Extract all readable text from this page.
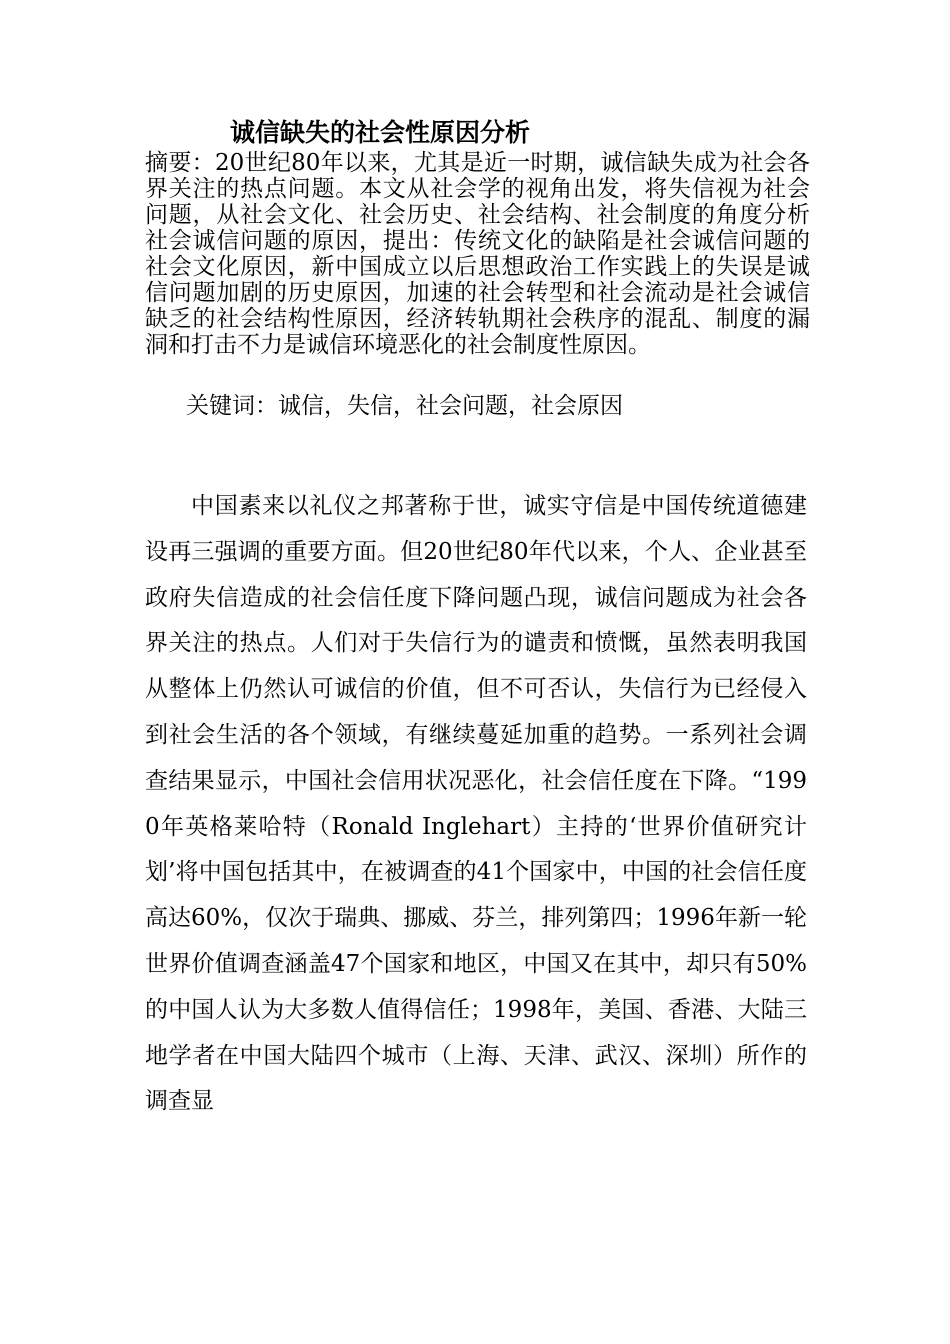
诚信缺失的社会性原因分析
摘要：20世纪80年以来，尤其是近一时期，诚信缺失成为社会各界关注的热点问题。本文从社会学的视角出发，将失信视为社会问题，从社会文化、社会历史、社会结构、社会制度的角度分析社会诚信问题的原因，提出：传统文化的缺陷是社会诚信问题的社会文化原因，新中国成立以后思想政治工作实践上的失误是诚信问题加剧的历史原因，加速的社会转型和社会流动是社会诚信缺乏的社会结构性原因，经济转轨期社会秩序的混乱、制度的漏洞和打击不力是诚信环境恶化的社会制度性原因。
关键词：诚信，失信，社会问题，社会原因
中国素来以礼仪之邦著称于世，诚实守信是中国传统道德建设再三强调的重要方面。但20世纪80年代以来，个人、企业甚至政府失信造成的社会信任度下降问题凸现，诚信问题成为社会各界关注的热点。人们对于失信行为的谴责和愤慨，虽然表明我国从整体上仍然认可诚信的价值，但不可否认，失信行为已经侵入到社会生活的各个领域，有继续蔓延加重的趋势。一系列社会调查结果显示，中国社会信用状况恶化，社会信任度在下降。“1990年英格莱哈特（Ronald Inglehart）主持的‘世界价值研究计划’将中国包括其中，在被调查的41个国家中，中国的社会信任度高达60%，仅次于瑞典、挪威、芬兰，排列第四；1996年新一轮世界价值调查涵盖47个国家和地区，中国又在其中，却只有50%的中国人认为大多数人值得信任；1998年，美国、香港、大陆三地学者在中国大陆四个城市（上海、天津、武汉、深圳）所作的调查显
